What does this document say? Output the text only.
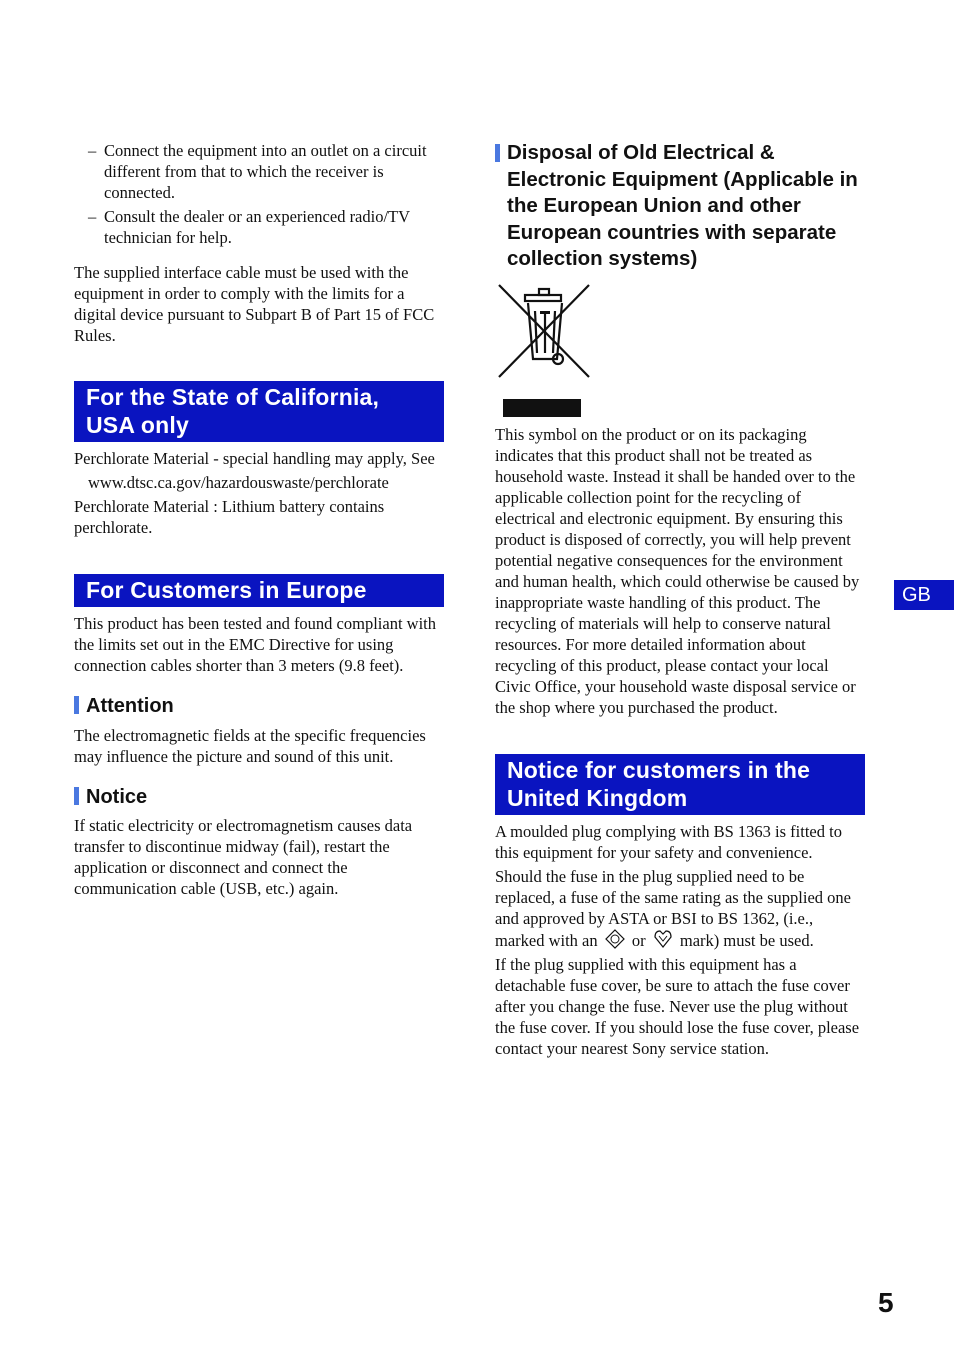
– Connect the equipment into an outlet on a circuit different from that to which the receiver is connected.
– Consult the dealer or an experienced radio/TV technician for help.

The supplied interface cable must be used with the equipment in order to comply with the limits for a digital device pursuant to Subpart B of Part 15 of FCC Rules.

For the State of California, USA only

Perchlorate Material - special handling may apply, See

www.dtsc.ca.gov/hazardouswaste/perchlorate

Perchlorate Material : Lithium battery contains perchlorate.

For Customers in Europe

This product has been tested and found compliant with the limits set out in the EMC Directive for using connection cables shorter than 3 meters (9.8 feet).

Attention

The electromagnetic fields at the specific frequencies may influence the picture and sound of this unit.

Notice

If static electricity or electromagnetism causes data transfer to discontinue midway (fail), restart the application or disconnect and connect the communication cable (USB, etc.) again.

Disposal of Old Electrical & Electronic Equipment (Applicable in the European Union and other European countries with separate collection systems)

This symbol on the product or on its packaging indicates that this product shall not be treated as household waste. Instead it shall be handed over to the applicable collection point for the recycling of electrical and electronic equipment. By ensuring this product is disposed of correctly, you will help prevent potential negative consequences for the environment and human health, which could otherwise be caused by inappropriate waste handling of this product. The recycling of materials will help to conserve natural resources. For more detailed information about recycling of this product, please contact your local Civic Office, your household waste disposal service or the shop where you purchased the product.

Notice for customers in the United Kingdom

A moulded plug complying with BS 1363 is fitted to this equipment for your safety and convenience.

Should the fuse in the plug supplied need to be replaced, a fuse of the same rating as the supplied one and approved by ASTA or BSI to BS 1362, (i.e., marked with an or mark) must be used.

If the plug supplied with this equipment has a detachable fuse cover, be sure to attach the fuse cover after you change the fuse. Never use the plug without the fuse cover. If you should lose the fuse cover, please contact your nearest Sony service station.

GB
5
